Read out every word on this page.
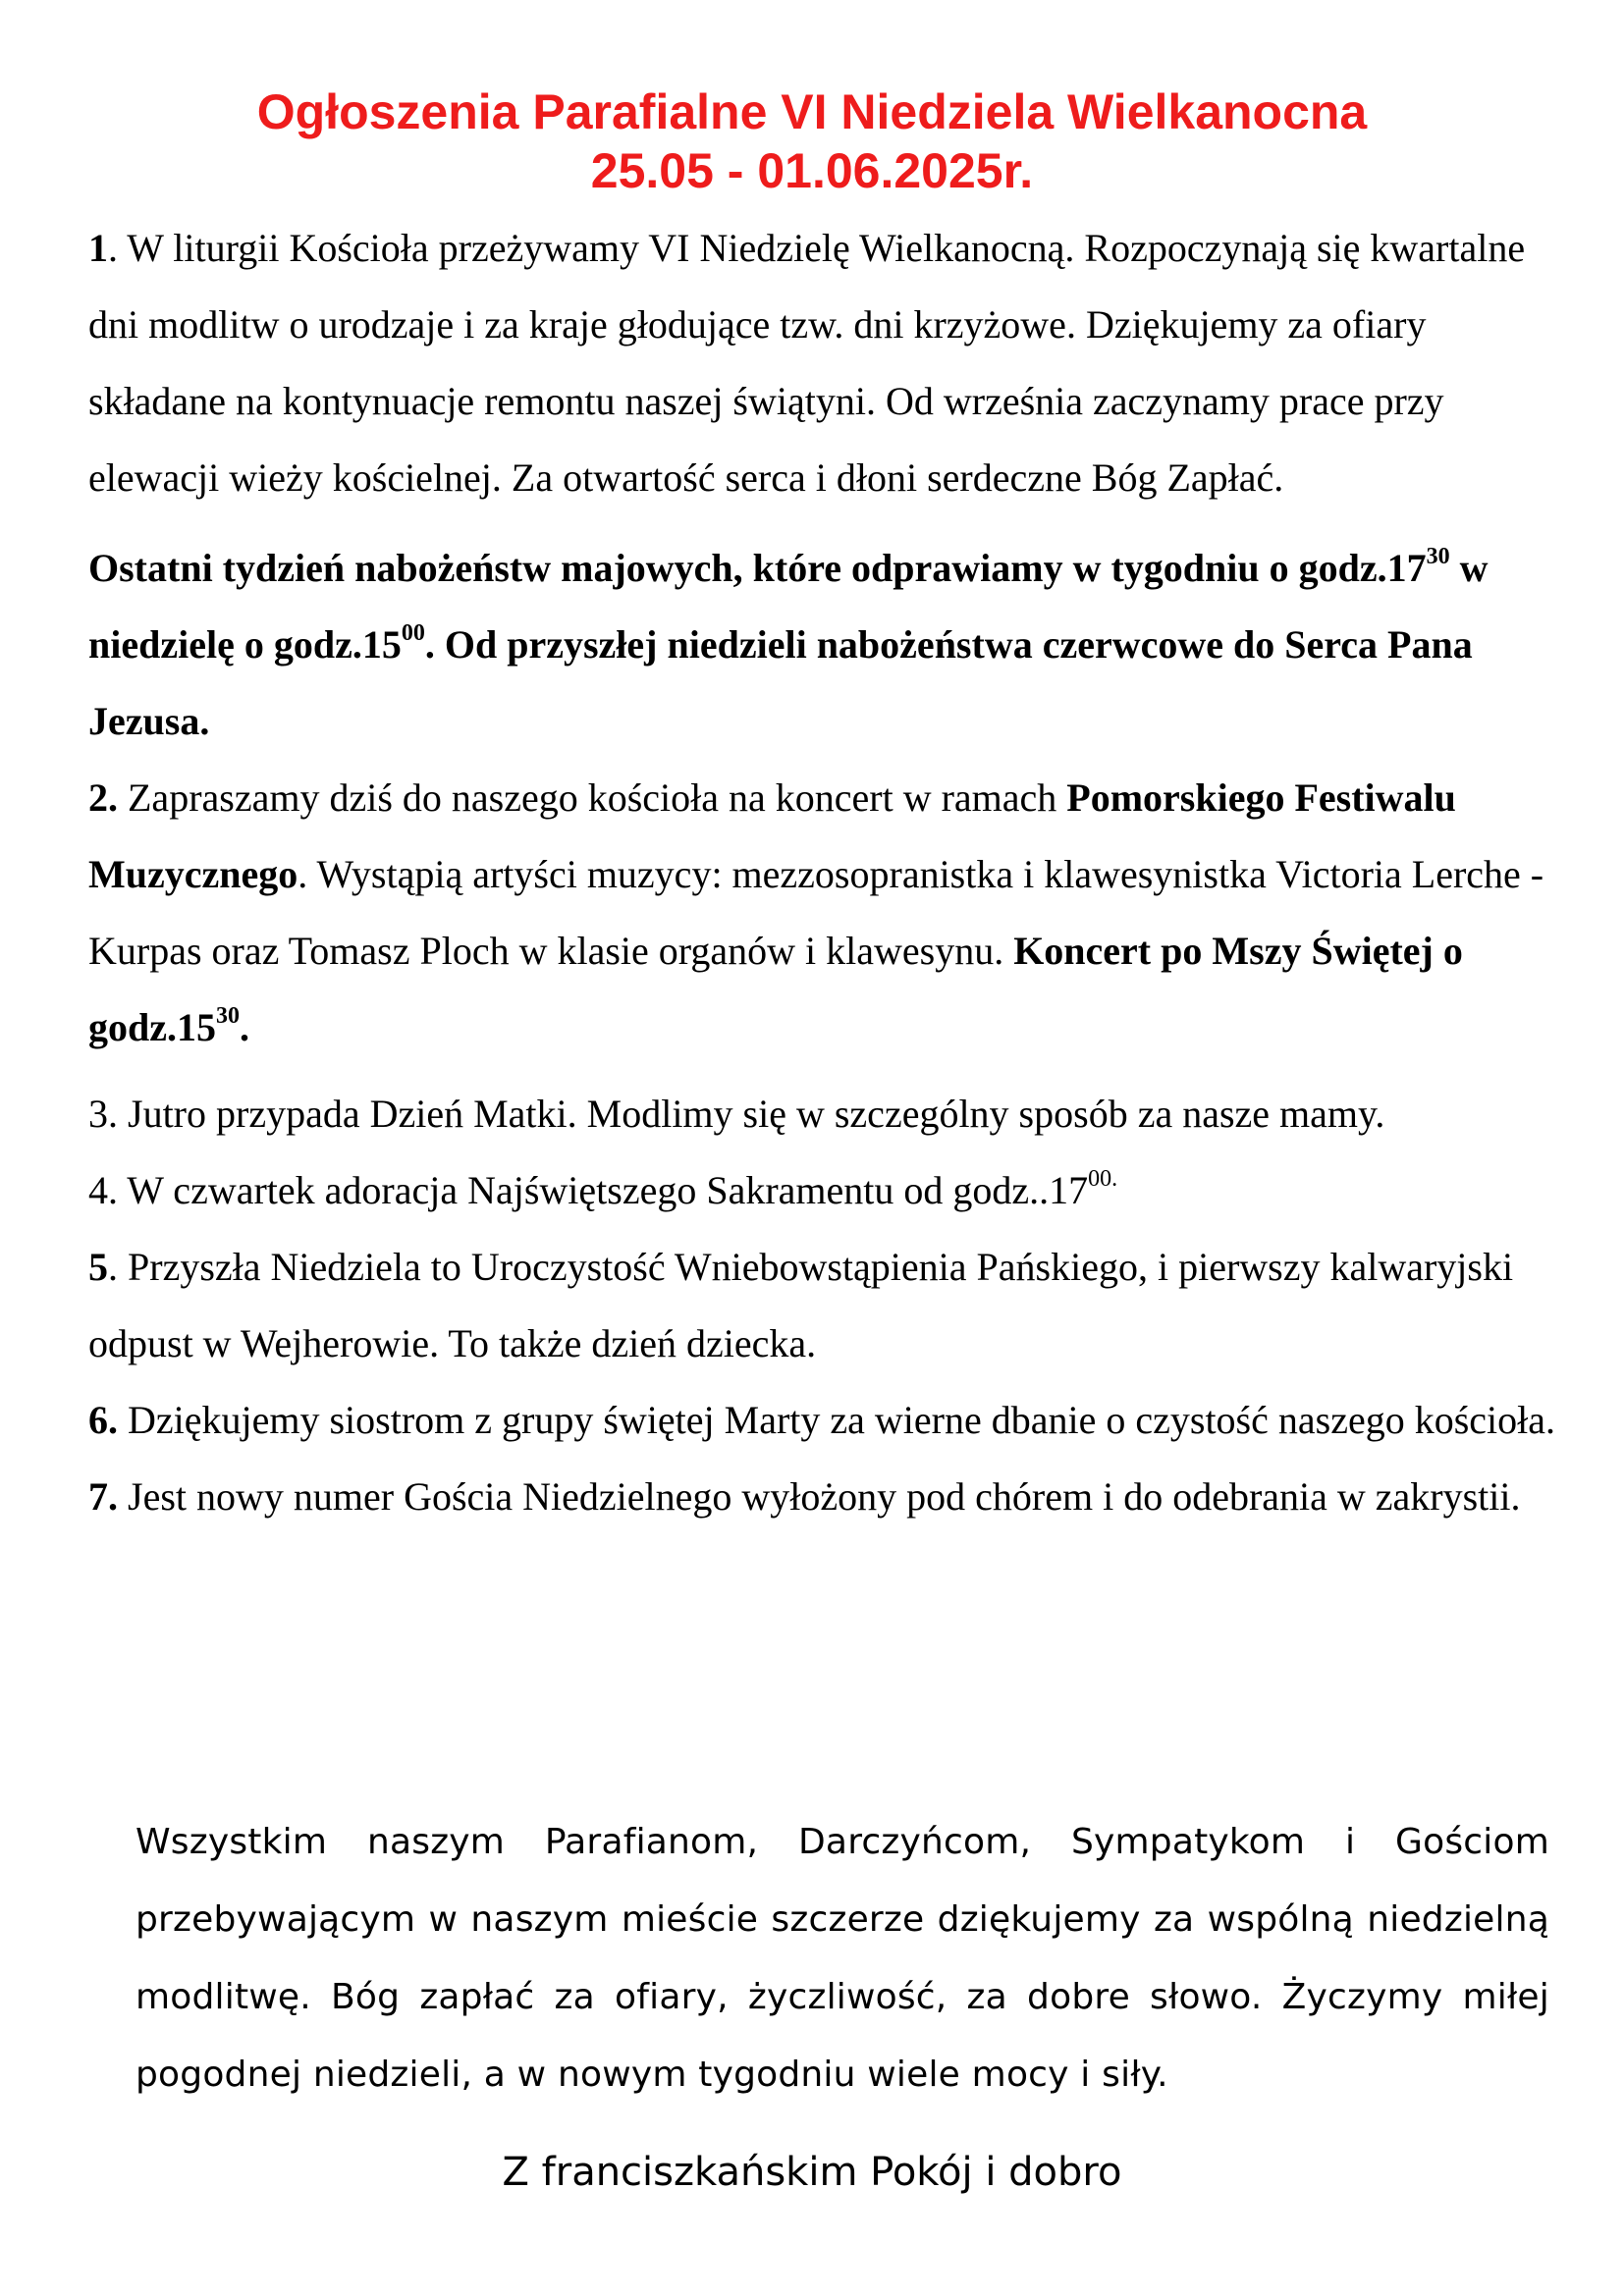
Ogłoszenia Parafialne VI Niedziela Wielkanocna
25.05 - 01.06.2025r.

1. W liturgii Kościoła przeżywamy VI Niedzielę Wielkanocną. Rozpoczynają się kwartalne dni modlitw o urodzaje i za kraje głodujące tzw. dni krzyżowe. Dziękujemy za ofiary składane na kontynuacje remontu naszej świątyni. Od września zaczynamy prace przy elewacji wieży kościelnej. Za otwartość serca i dłoni serdeczne Bóg Zapłać.

Ostatni tydzień nabożeństw majowych, które odprawiamy w tygodniu o $godz.17^{30}$ w niedzielę o $godz.15^{00}$. Od przyszłej niedzieli nabożeństwa czerwcowe do Serca Pana Jezusa.

2. Zapraszamy dziś do naszego kościoła na koncert w ramach Pomorskiego Festiwalu Muzycznego. Wystąpią artyści muzycy: mezzosopranistka i klawesynistka Victoria Lerche - Kurpas oraz Tomasz Ploch w klasie organów i klawesynu. Koncert po Mszy Świętej o $godz.15^{30}$.

3. Jutro przypada Dzień Matki. Modlimy się w szczególny sposób za nasze mamy.

4. W czwartek adoracja Najświętszego Sakramentu od $godz..17^{00.}$

5. Przyszła Niedziela to Uroczystość Wniebowstąpienia Pańskiego, i pierwszy kalwaryjski odpust w Wejherowie. To także dzień dziecka.

6. Dziękujemy siostrom z grupy świętej Marty za wierne dbanie o czystość naszego kościoła.

7. Jest nowy numer Gościa Niedzielnego wyłożony pod chórem i do odebrania w zakrystii.

Wszystkim naszym Parafianom, Darczyńcom, Sympatykom i Gościom przebywającym w naszym mieście szczerze dziękujemy za wspólną niedzielną modlitwę. Bóg zapłać za ofiary, życzliwość, za dobre słowo. Życzymy miłej pogodnej niedzieli, a w nowym tygodniu wiele mocy i siły.
Z franciszkańskim Pokój i dobro
